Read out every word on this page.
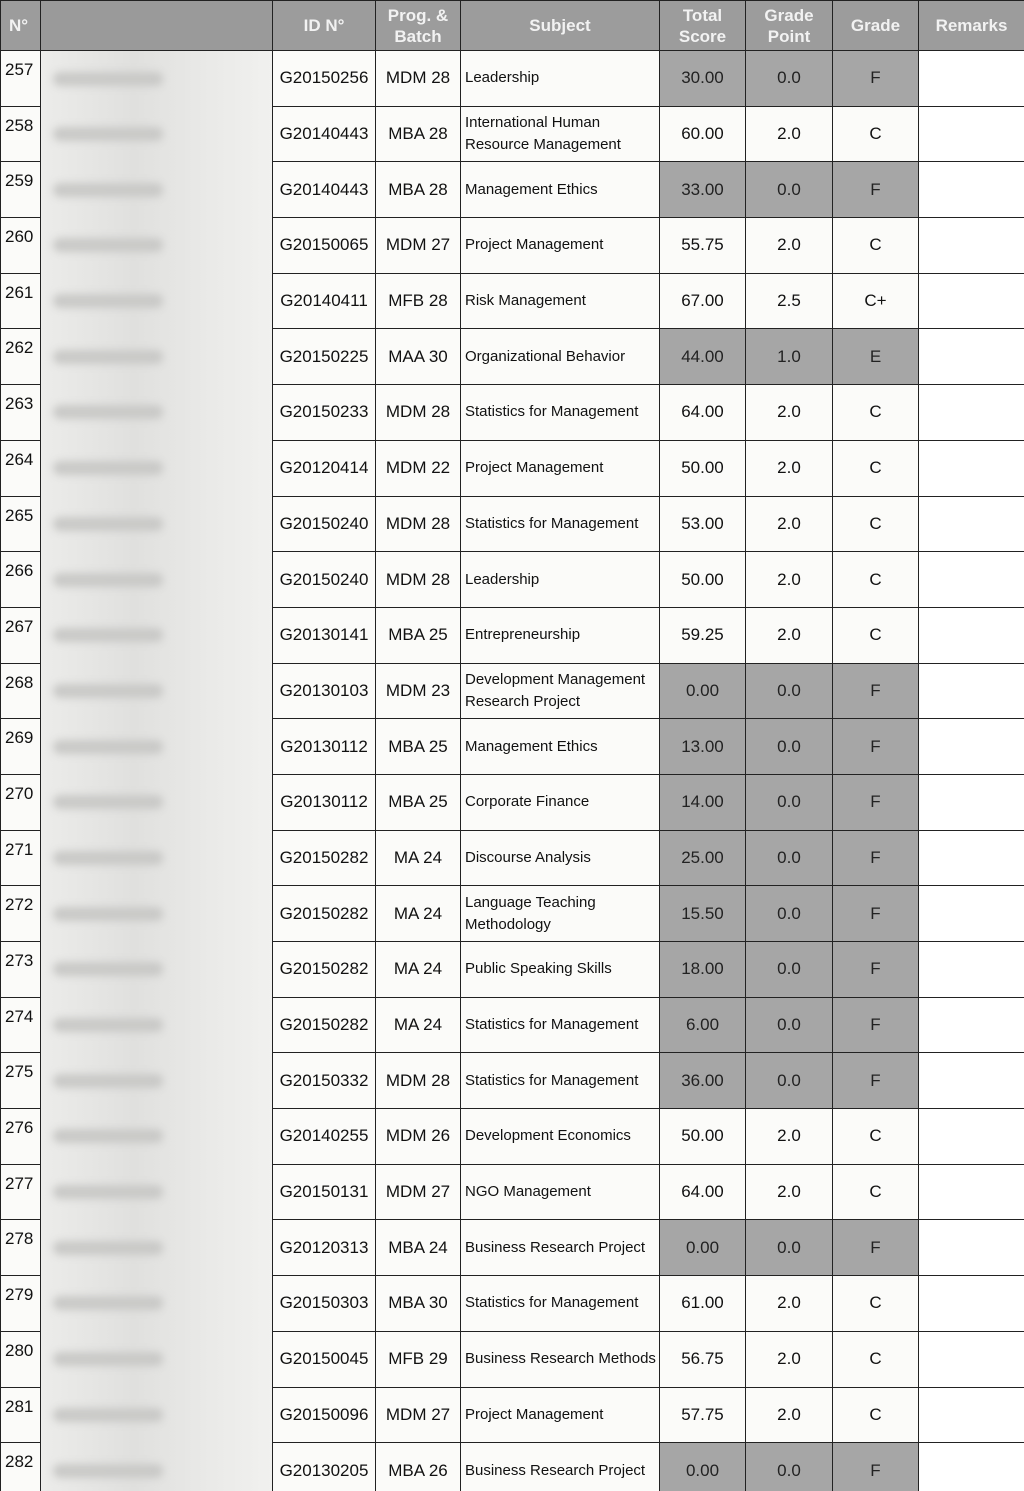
N°		ID N°	Prog. & Batch	Subject	Total Score	Grade Point	Grade	Remarks
257		G20150256	MDM 28	Leadership	30.00	0.0	F	
258		G20140443	MBA 28	International Human Resource Management	60.00	2.0	C	
259		G20140443	MBA 28	Management Ethics	33.00	0.0	F	
260		G20150065	MDM 27	Project Management	55.75	2.0	C	
261		G20140411	MFB 28	Risk Management	67.00	2.5	C+	
262		G20150225	MAA 30	Organizational Behavior	44.00	1.0	E	
263		G20150233	MDM 28	Statistics for Management	64.00	2.0	C	
264		G20120414	MDM 22	Project Management	50.00	2.0	C	
265		G20150240	MDM 28	Statistics for Management	53.00	2.0	C	
266		G20150240	MDM 28	Leadership	50.00	2.0	C	
267		G20130141	MBA 25	Entrepreneurship	59.25	2.0	C	
268		G20130103	MDM 23	Development Management Research Project	0.00	0.0	F	
269		G20130112	MBA 25	Management Ethics	13.00	0.0	F	
270		G20130112	MBA 25	Corporate Finance	14.00	0.0	F	
271		G20150282	MA 24	Discourse Analysis	25.00	0.0	F	
272		G20150282	MA 24	Language Teaching Methodology	15.50	0.0	F	
273		G20150282	MA 24	Public Speaking Skills	18.00	0.0	F	
274		G20150282	MA 24	Statistics for Management	6.00	0.0	F	
275		G20150332	MDM 28	Statistics for Management	36.00	0.0	F	
276		G20140255	MDM 26	Development Economics	50.00	2.0	C	
277		G20150131	MDM 27	NGO Management	64.00	2.0	C	
278		G20120313	MBA 24	Business Research Project	0.00	0.0	F	
279		G20150303	MBA 30	Statistics for Management	61.00	2.0	C	
280		G20150045	MFB 29	Business Research Methods	56.75	2.0	C	
281		G20150096	MDM 27	Project Management	57.75	2.0	C	
282		G20130205	MBA 26	Business Research Project	0.00	0.0	F	
